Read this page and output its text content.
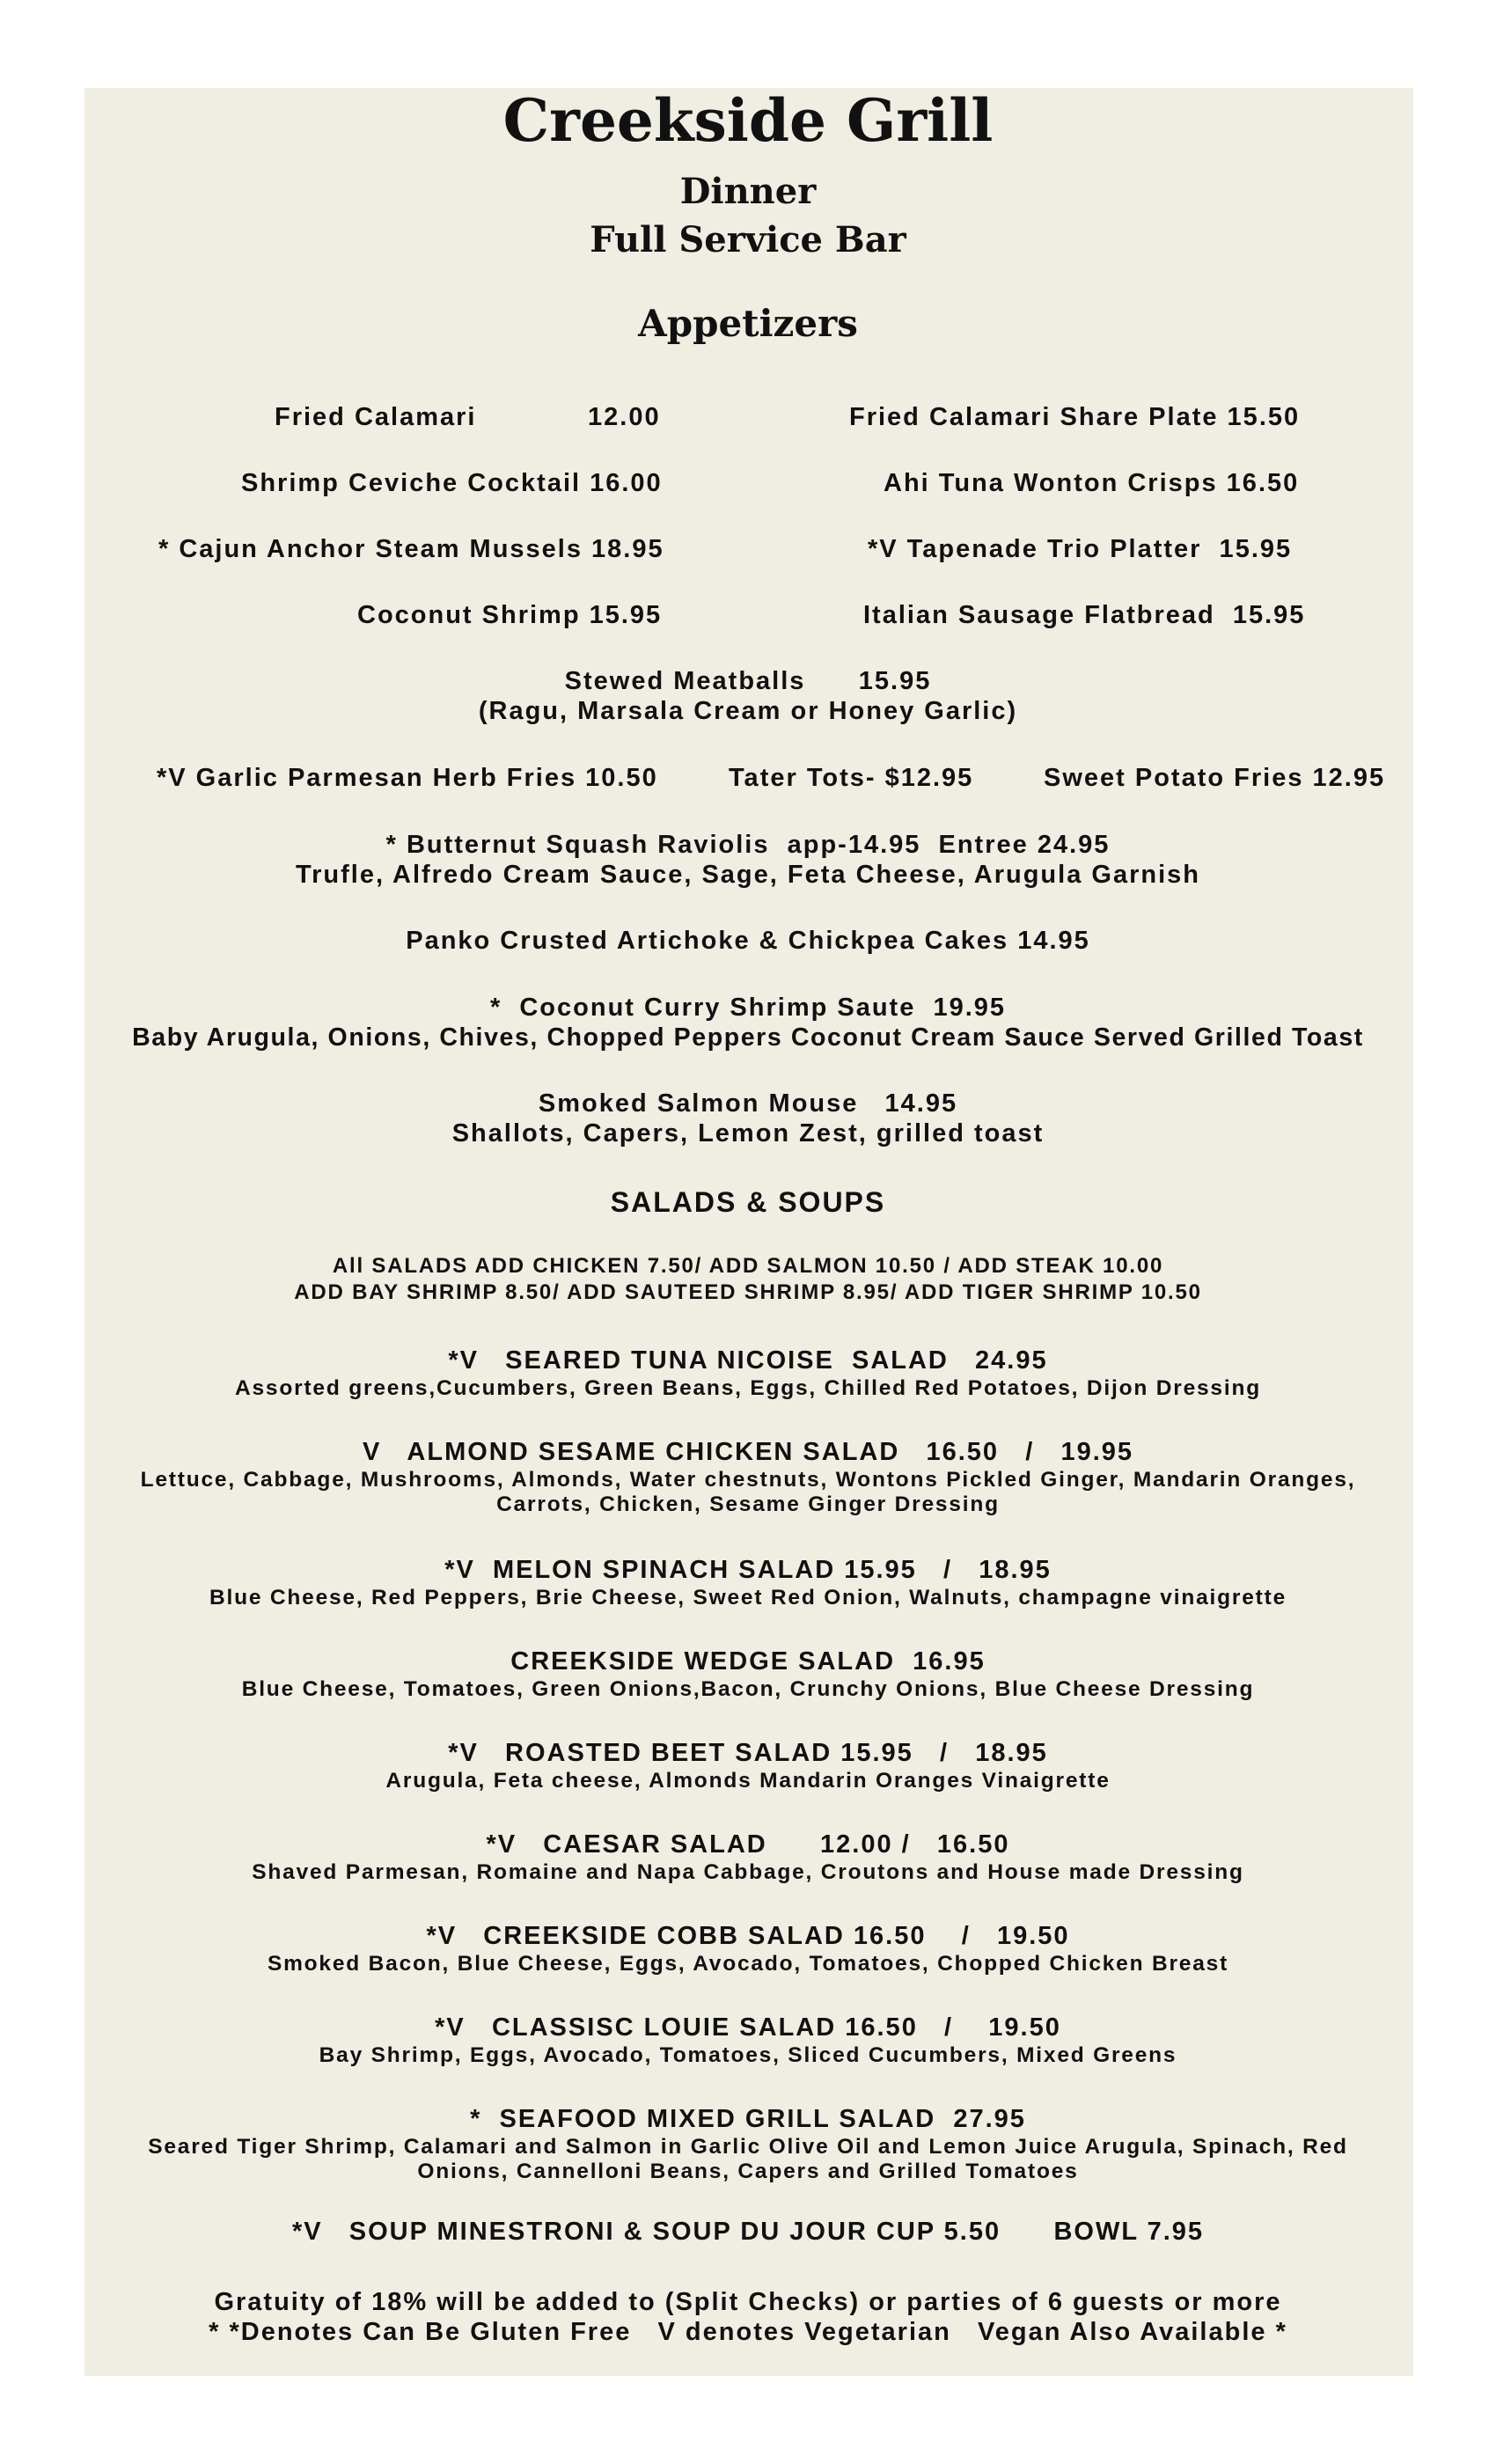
Creekside Grill
Dinner
Full Service Bar
Appetizers
Fried Calamari	12.00	Fried Calamari Share Plate 15.50
Shrimp Ceviche Cocktail 16.00	Ahi Tuna Wonton Crisps 16.50
* Cajun Anchor Steam Mussels 18.95	*V Tapenade Trio Platter  15.95
Coconut Shrimp 15.95	Italian Sausage Flatbread  15.95
Stewed Meatballs      15.95
(Ragu, Marsala Cream or Honey Garlic)
*V Garlic Parmesan Herb Fries 10.50	Tater Tots- $12.95	Sweet Potato Fries 12.95
* Butternut Squash Raviolis  app-14.95  Entree 24.95
Trufle, Alfredo Cream Sauce, Sage, Feta Cheese, Arugula Garnish
Panko Crusted Artichoke & Chickpea Cakes 14.95
*  Coconut Curry Shrimp Saute  19.95
Baby Arugula, Onions, Chives, Chopped Peppers Coconut Cream Sauce Served Grilled Toast
Smoked Salmon Mouse   14.95
Shallots, Capers, Lemon Zest, grilled toast
SALADS & SOUPS
All SALADS ADD CHICKEN 7.50/ ADD SALMON 10.50 / ADD STEAK 10.00
ADD BAY SHRIMP 8.50/ ADD SAUTEED SHRIMP 8.95/ ADD TIGER SHRIMP 10.50
*V   SEARED TUNA NICOISE  SALAD   24.95
Assorted greens,Cucumbers, Green Beans, Eggs, Chilled Red Potatoes, Dijon Dressing
V   ALMOND SESAME CHICKEN SALAD   16.50   /   19.95
Lettuce, Cabbage, Mushrooms, Almonds, Water chestnuts, Wontons Pickled Ginger, Mandarin Oranges,
Carrots, Chicken, Sesame Ginger Dressing
*V  MELON SPINACH SALAD 15.95   /   18.95
Blue Cheese, Red Peppers, Brie Cheese, Sweet Red Onion, Walnuts, champagne vinaigrette
CREEKSIDE WEDGE SALAD  16.95
Blue Cheese, Tomatoes, Green Onions,Bacon, Crunchy Onions, Blue Cheese Dressing
*V   ROASTED BEET SALAD 15.95   /   18.95
Arugula, Feta cheese, Almonds Mandarin Oranges Vinaigrette
*V   CAESAR SALAD      12.00 /   16.50
Shaved Parmesan, Romaine and Napa Cabbage, Croutons and House made Dressing
*V   CREEKSIDE COBB SALAD 16.50    /   19.50
Smoked Bacon, Blue Cheese, Eggs, Avocado, Tomatoes, Chopped Chicken Breast
*V   CLASSISC LOUIE SALAD 16.50   /    19.50
Bay Shrimp, Eggs, Avocado, Tomatoes, Sliced Cucumbers, Mixed Greens
*  SEAFOOD MIXED GRILL SALAD  27.95
Seared Tiger Shrimp, Calamari and Salmon in Garlic Olive Oil and Lemon Juice Arugula, Spinach, Red
Onions, Cannelloni Beans, Capers and Grilled Tomatoes
*V   SOUP MINESTRONI & SOUP DU JOUR CUP 5.50      BOWL 7.95
Gratuity of 18% will be added to (Split Checks) or parties of 6 guests or more
* *Denotes Can Be Gluten Free   V denotes Vegetarian   Vegan Also Available *
